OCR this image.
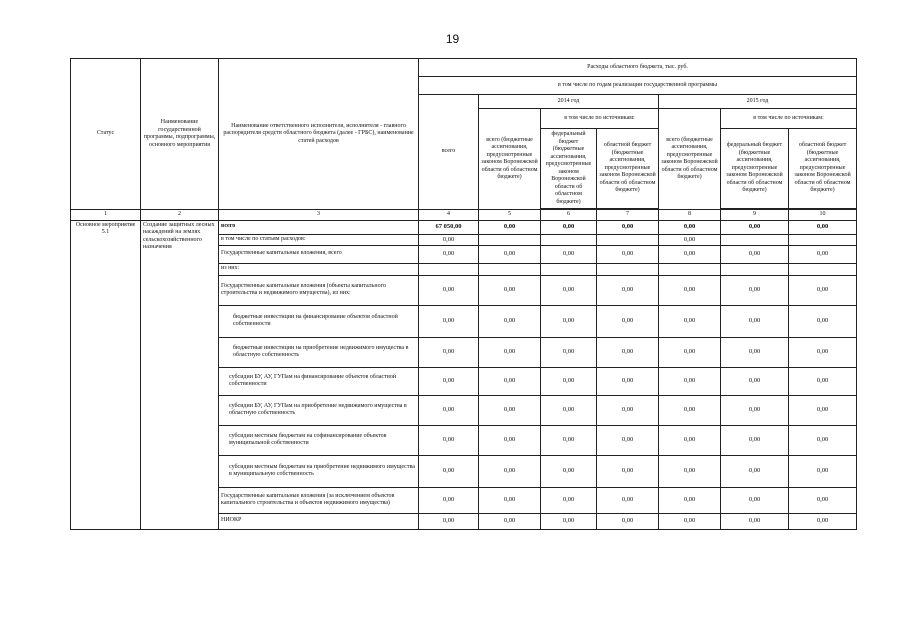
19
Статус	Наименование государственной программы, подпрограммы, основного мероприятия	Наименование ответственного исполнителя, исполнителя - главного распорядителя средств областного бюджета (далее - ГРБС), наименование статей расходов	Расходы областного бюджета, тыс. руб.						
			в том числе по годам реализации государственной программы						
			всего	2014 год			2015 год		
				всего (бюджетные ассигнования, предусмотренные законом Воронежской области об областном бюджете)	в том числе по источникам:		всего (бюджетные ассигнования, предусмотренные законом Воронежской области об областном бюджете)	в том числе по источникам:	
					федеральный бюджет (бюджетные ассигнования, предусмотренные законом Воронежской области об областном бюджете)	областной бюджет (бюджетные ассигнования, предусмотренные законом Воронежской области об областном бюджете)		федеральный бюджет (бюджетные ассигнования, предусмотренные законом Воронежской области об областном бюджете)	областной бюджет (бюджетные ассигнования, предусмотренные законом Воронежской области об областном бюджете)

1	2	3	4	5	6	7	8	9	10
Основное мероприятие 5.1	Создание защитных лесных насаждений на землях сельскохозяйственного назначения	всего	67 050,00	0,00	0,00	0,00	0,00	0,00	0,00
		в том числе по статьям расходов:	0,00				0,00		
		Государственные капитальные вложения, всего	0,00	0,00	0,00	0,00	0,00	0,00	0,00
		из них:							
		Государственные капитальные вложения (объекты капитального строительства и недвижимого имущества), из них:	0,00	0,00	0,00	0,00	0,00	0,00	0,00
		бюджетные инвестиции на финансирование объектов областной собственности	0,00	0,00	0,00	0,00	0,00	0,00	0,00
		бюджетные инвестиции на приобретение недвижимого имущества в областную собственность	0,00	0,00	0,00	0,00	0,00	0,00	0,00
		субсидии БУ, АУ, ГУПам на финансирование объектов областной собственности	0,00	0,00	0,00	0,00	0,00	0,00	0,00
		субсидии БУ, АУ, ГУПам на приобретение недвижимого имущества в областную собственность	0,00	0,00	0,00	0,00	0,00	0,00	0,00
		субсидии местным бюджетам на софинансирование объектов муниципальной собственности	0,00	0,00	0,00	0,00	0,00	0,00	0,00
		субсидии местным бюджетам на приобретение недвижимого имущества в муниципальную собственность	0,00	0,00	0,00	0,00	0,00	0,00	0,00
		Государственные капитальные вложения (за исключением объектов капитального строительства и объектов недвижимого имущества)	0,00	0,00	0,00	0,00	0,00	0,00	0,00
		НИОКР	0,00	0,00	0,00	0,00	0,00	0,00	0,00
